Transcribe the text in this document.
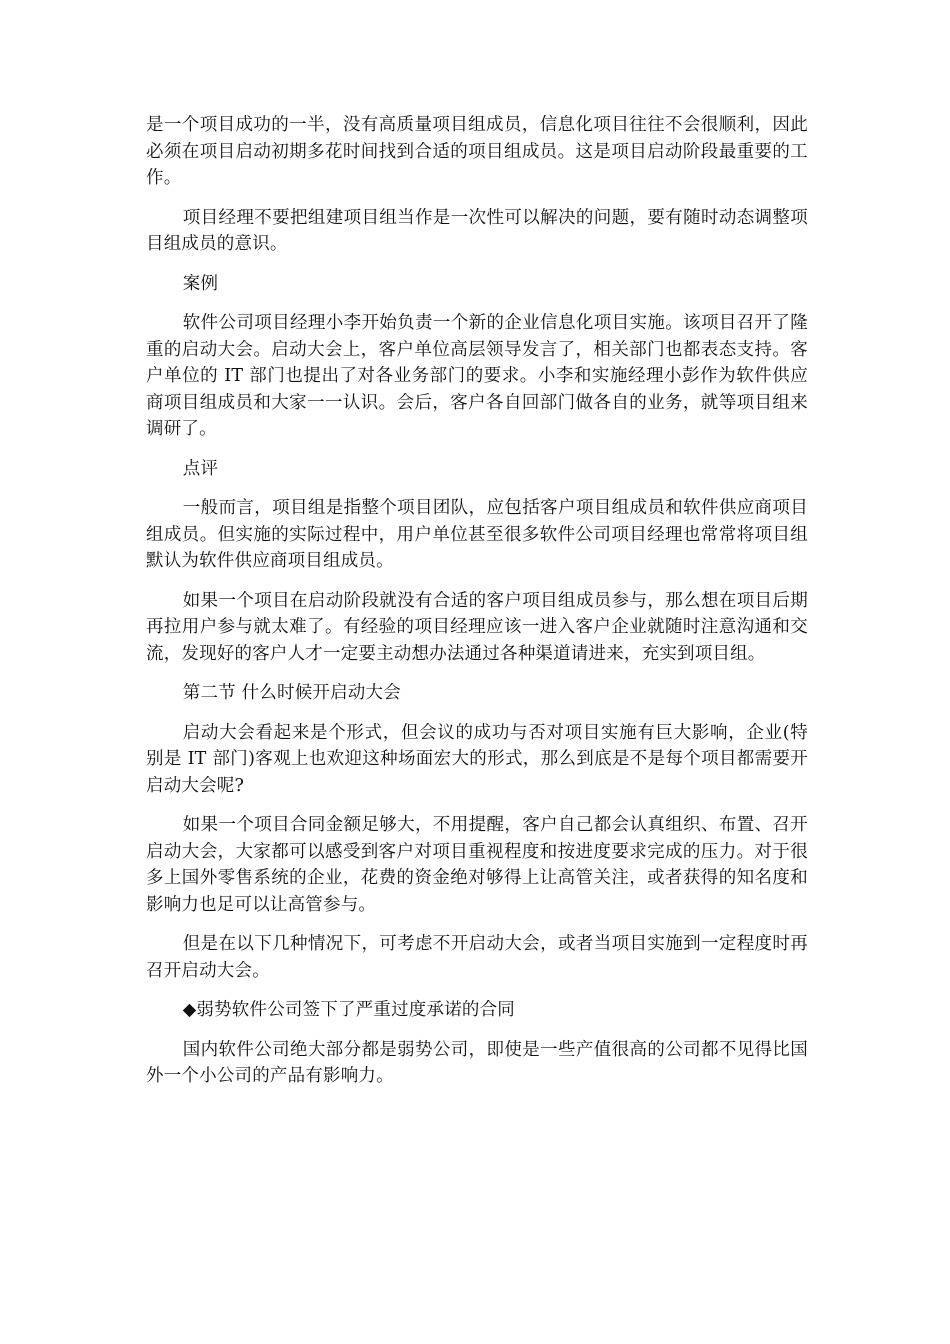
是一个项目成功的一半，没有高质量项目组成员，信息化项目往往不会很顺利，因此必须在项目启动初期多花时间找到合适的项目组成员。这是项目启动阶段最重要的工作。

项目经理不要把组建项目组当作是一次性可以解决的问题，要有随时动态调整项目组成员的意识。

案例

软件公司项目经理小李开始负责一个新的企业信息化项目实施。该项目召开了隆重的启动大会。启动大会上，客户单位高层领导发言了，相关部门也都表态支持。客户单位的 IT 部门也提出了对各业务部门的要求。小李和实施经理小彭作为软件供应商项目组成员和大家一一认识。会后，客户各自回部门做各自的业务，就等项目组来调研了。

点评

一般而言，项目组是指整个项目团队，应包括客户项目组成员和软件供应商项目组成员。但实施的实际过程中，用户单位甚至很多软件公司项目经理也常常将项目组默认为软件供应商项目组成员。

如果一个项目在启动阶段就没有合适的客户项目组成员参与，那么想在项目后期再拉用户参与就太难了。有经验的项目经理应该一进入客户企业就随时注意沟通和交流，发现好的客户人才一定要主动想办法通过各种渠道请进来，充实到项目组。

第二节 什么时候开启动大会

启动大会看起来是个形式，但会议的成功与否对项目实施有巨大影响，企业(特别是 IT 部门)客观上也欢迎这种场面宏大的形式，那么到底是不是每个项目都需要开启动大会呢?

如果一个项目合同金额足够大，不用提醒，客户自己都会认真组织、布置、召开启动大会，大家都可以感受到客户对项目重视程度和按进度要求完成的压力。对于很多上国外零售系统的企业，花费的资金绝对够得上让高管关注，或者获得的知名度和影响力也足可以让高管参与。

但是在以下几种情况下，可考虑不开启动大会，或者当项目实施到一定程度时再召开启动大会。

◆弱势软件公司签下了严重过度承诺的合同

国内软件公司绝大部分都是弱势公司，即使是一些产值很高的公司都不见得比国外一个小公司的产品有影响力。
